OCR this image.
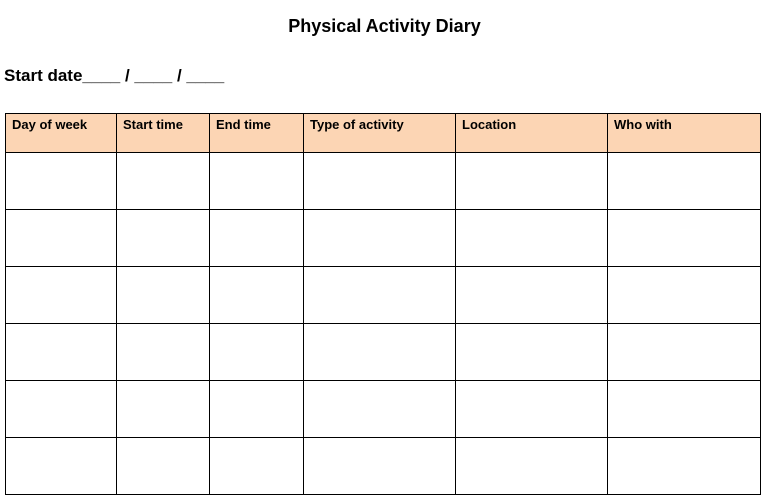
Physical Activity Diary
Start date____ / ____ / ____
Day of week	Start time	End time	Type of activity	Location	Who with
